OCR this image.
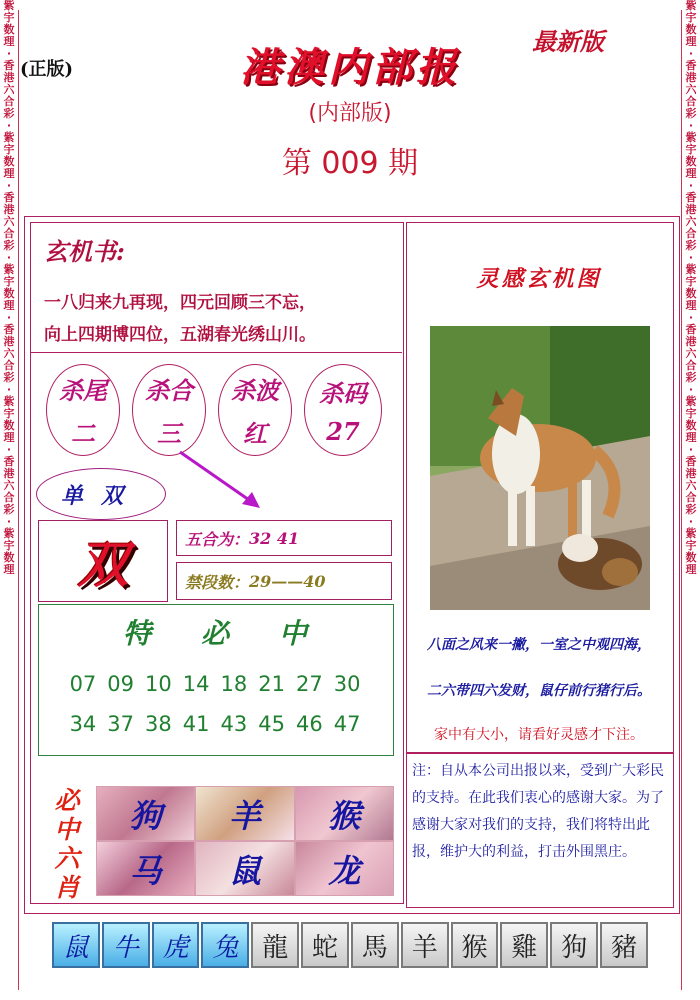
紫
宇
数
理
·
香
港
六
合
彩
·
紫
宇
数
理
·
香
港
六
合
彩
·
紫
宇
数
理
·
香
港
六
合
彩
·
紫
宇
数
理
·
香
港
六
合
彩
·
紫
宇
数
理
紫
宇
数
理
·
香
港
六
合
彩
·
紫
宇
数
理
·
香
港
六
合
彩
·
紫
宇
数
理
·
香
港
六
合
彩
·
紫
宇
数
理
·
香
港
六
合
彩
·
紫
宇
数
理
(正版)
最新版
港澳内部报
(内部版)
第 009 期
玄机书:
一八归来九再现，四元回顾三不忘，
向上四期博四位，五湖春光绣山川。
杀尾
二
杀合
三
杀波
红
杀码
27
单双
双	五合为： 32 41
禁段数： 29——40
特 必 中
07 09 10 14 18 21 27 30
34 37 38 41 43 45 46 47
必
中
六
肖
狗	羊	猴
马	鼠	龙
灵感玄机图
八面之风来一撇，一室之中观四海，
二六带四六发财，鼠仔前行猪行后。
家中有大小，请看好灵感才下注。
注：自从本公司出报以来，受到广大彩民的支持。在此我们衷心的感谢大家。为了感谢大家对我们的支持，我们将特出此报，维护大的利益，打击外围黑庄。
鼠 牛 虎 兔 龍 蛇 馬 羊 猴 雞 狗 豬
